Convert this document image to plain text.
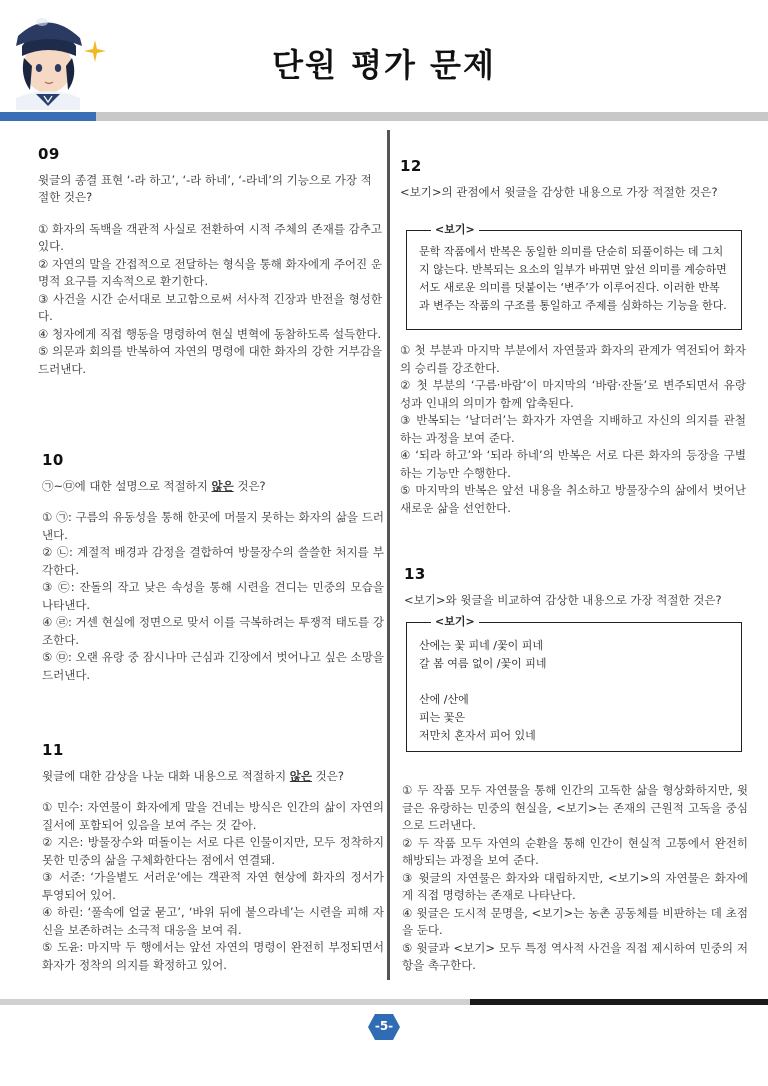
단원 평가 문제
09
윗글의 종결 표현 ‘-라 하고’, ‘-라 하네’, ‘-라네’의 기능으로 가장 적절한 것은?
① 화자의 독백을 객관적 사실로 전환하여 시적 주체의 존재를 감추고 있다.
② 자연의 말을 간접적으로 전달하는 형식을 통해 화자에게 주어진 운명적 요구를 지속적으로 환기한다.
③ 사건을 시간 순서대로 보고함으로써 서사적 긴장과 반전을 형성한다.
④ 청자에게 직접 행동을 명령하여 현실 변혁에 동참하도록 설득한다.
⑤ 의문과 회의를 반복하여 자연의 명령에 대한 화자의 강한 거부감을 드러낸다.
10
㉠~㉤에 대한 설명으로 적절하지 않은 것은?
① ㉠: 구름의 유동성을 통해 한곳에 머물지 못하는 화자의 삶을 드러낸다.
② ㉡: 계절적 배경과 감정을 결합하여 방물장수의 쓸쓸한 처지를 부각한다.
③ ㉢: 잔돌의 작고 낮은 속성을 통해 시련을 견디는 민중의 모습을 나타낸다.
④ ㉣: 거센 현실에 정면으로 맞서 이를 극복하려는 투쟁적 태도를 강조한다.
⑤ ㉤: 오랜 유랑 중 잠시나마 근심과 긴장에서 벗어나고 싶은 소망을 드러낸다.
11
윗글에 대한 감상을 나눈 대화 내용으로 적절하지 않은 것은?
① 민수: 자연물이 화자에게 말을 건네는 방식은 인간의 삶이 자연의 질서에 포함되어 있음을 보여 주는 것 같아.
② 지은: 방물장수와 떠돌이는 서로 다른 인물이지만, 모두 정착하지 못한 민중의 삶을 구체화한다는 점에서 연결돼.
③ 서준: ‘가을볕도 서러운’에는 객관적 자연 현상에 화자의 정서가 투영되어 있어.
④ 하린: ‘풀속에 얼굴 묻고’, ‘바위 뒤에 붙으라네’는 시련을 피해 자신을 보존하려는 소극적 대응을 보여 줘.
⑤ 도윤: 마지막 두 행에서는 앞선 자연의 명령이 완전히 부정되면서 화자가 정착의 의지를 확정하고 있어.
12
<보기>의 관점에서 윗글을 감상한 내용으로 가장 적절한 것은?
<보기>
문학 작품에서 반복은 동일한 의미를 단순히 되풀이하는 데 그치지 않는다. 반복되는 요소의 일부가 바뀌면 앞선 의미를 계승하면서도 새로운 의미를 덧붙이는 ‘변주’가 이루어진다. 이러한 반복과 변주는 작품의 구조를 통일하고 주제를 심화하는 기능을 한다.
① 첫 부분과 마지막 부분에서 자연물과 화자의 관계가 역전되어 화자의 승리를 강조한다.
② 첫 부분의 ‘구름·바람’이 마지막의 ‘바람·잔돌’로 변주되면서 유랑성과 인내의 의미가 함께 압축된다.
③ 반복되는 ‘날더러’는 화자가 자연을 지배하고 자신의 의지를 관철하는 과정을 보여 준다.
④ ‘되라 하고’와 ‘되라 하네’의 반복은 서로 다른 화자의 등장을 구별하는 기능만 수행한다.
⑤ 마지막의 반복은 앞선 내용을 취소하고 방물장수의 삶에서 벗어난 새로운 삶을 선언한다.
13
<보기>와 윗글을 비교하여 감상한 내용으로 가장 적절한 것은?
<보기>
산에는 꽃 피네 /꽃이 피네
갈 봄 여름 없이 /꽃이 피네
산에 /산에
피는 꽃은
저만치 혼자서 피어 있네
① 두 작품 모두 자연물을 통해 인간의 고독한 삶을 형상화하지만, 윗글은 유랑하는 민중의 현실을, <보기>는 존재의 근원적 고독을 중심으로 드러낸다.
② 두 작품 모두 자연의 순환을 통해 인간이 현실적 고통에서 완전히 해방되는 과정을 보여 준다.
③ 윗글의 자연물은 화자와 대립하지만, <보기>의 자연물은 화자에게 직접 명령하는 존재로 나타난다.
④ 윗글은 도시적 문명을, <보기>는 농촌 공동체를 비판하는 데 초점을 둔다.
⑤ 윗글과 <보기> 모두 특정 역사적 사건을 직접 제시하여 민중의 저항을 촉구한다.
-5-
